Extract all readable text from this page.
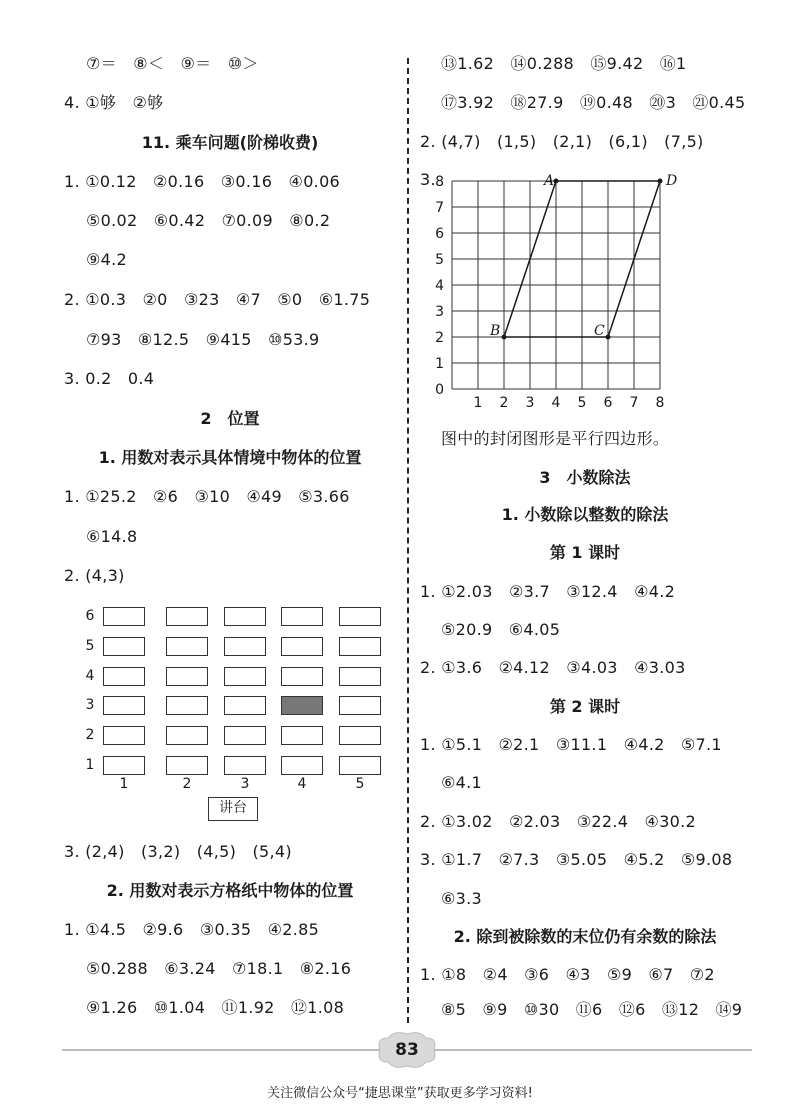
⑦＝　⑧＜　⑨＝　⑩＞
4. ①够　②够
11. 乘车问题(阶梯收费)
1. ①0.12　②0.16　③0.16　④0.06
⑤0.02　⑥0.42　⑦0.09　⑧0.2
⑨4.2
2. ①0.3　②0　③23　④7　⑤0　⑥1.75
⑦93　⑧12.5　⑨415　⑩53.9
3. 0.2　0.4
2　位置
1. 用数对表示具体情境中物体的位置
1. ①25.2　②6　③10　④49　⑤3.66
⑥14.8
2. (4,3)
6
5
4
3
2
1
1	2	3	4	5
讲台
3. (2,4)　(3,2)　(4,5)　(5,4)
2. 用数对表示方格纸中物体的位置
1. ①4.5　②9.6　③0.35　④2.85
⑤0.288　⑥3.24　⑦18.1　⑧2.16
⑨1.26　⑩1.04　⑪1.92　⑫1.08
⑬1.62　⑭0.288　⑮9.42　⑯1
⑰3.92　⑱27.9　⑲0.48　⑳3　㉑0.45
2. (4,7)　(1,5)　(2,1)　(6,1)　(7,5)
3.
1 2 3 4 5 6 7 8
0
1
2
3
4
5
6
7
8	A	D
C
B
图中的封闭图形是平行四边形。
3　小数除法
1. 小数除以整数的除法
第 1 课时
1. ①2.03　②3.7　③12.4　④4.2
⑤20.9　⑥4.05
2. ①3.6　②4.12　③4.03　④3.03
第 2 课时
1. ①5.1　②2.1　③11.1　④4.2　⑤7.1
⑥4.1
2. ①3.02　②2.03　③22.4　④30.2
3. ①1.7　②7.3　③5.05　④5.2　⑤9.08
⑥3.3
2. 除到被除数的末位仍有余数的除法
1. ①8　②4　③6　④3　⑤9　⑥7　⑦2
⑧5　⑨9　⑩30　⑪6　⑫6　⑬12　⑭9
83
关注微信公众号“捷思课堂”获取更多学习资料!
